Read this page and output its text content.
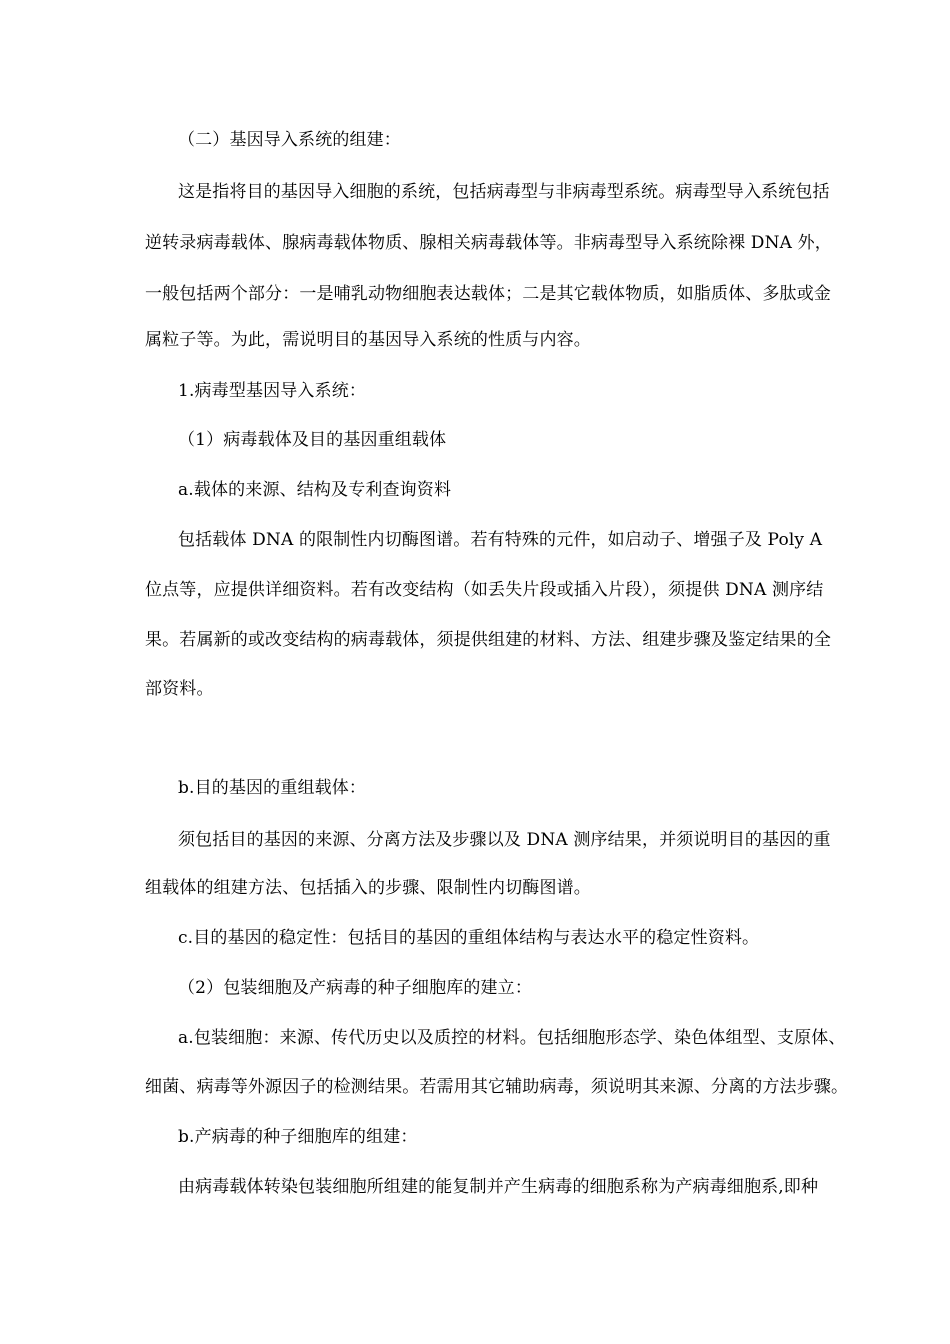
（二）基因导入系统的组建：
这是指将目的基因导入细胞的系统，包括病毒型与非病毒型系统。病毒型导入系统包括
逆转录病毒载体、腺病毒载体物质、腺相关病毒载体等。非病毒型导入系统除裸 DNA 外，
一般包括两个部分：一是哺乳动物细胞表达载体；二是其它载体物质，如脂质体、多肽或金
属粒子等。为此，需说明目的基因导入系统的性质与内容。
1.病毒型基因导入系统：
（1）病毒载体及目的基因重组载体
a.载体的来源、结构及专利查询资料
包括载体 DNA 的限制性内切酶图谱。若有特殊的元件，如启动子、增强子及 Poly A
位点等，应提供详细资料。若有改变结构（如丢失片段或插入片段），须提供 DNA 测序结
果。若属新的或改变结构的病毒载体，须提供组建的材料、方法、组建步骤及鉴定结果的全
部资料。
b.目的基因的重组载体：
须包括目的基因的来源、分离方法及步骤以及 DNA 测序结果，并须说明目的基因的重
组载体的组建方法、包括插入的步骤、限制性内切酶图谱。
c.目的基因的稳定性：包括目的基因的重组体结构与表达水平的稳定性资料。
（2）包装细胞及产病毒的种子细胞库的建立：
a.包装细胞：来源、传代历史以及质控的材料。包括细胞形态学、染色体组型、支原体、
细菌、病毒等外源因子的检测结果。若需用其它辅助病毒，须说明其来源、分离的方法步骤。
b.产病毒的种子细胞库的组建：
由病毒载体转染包装细胞所组建的能复制并产生病毒的细胞系称为产病毒细胞系,即种
